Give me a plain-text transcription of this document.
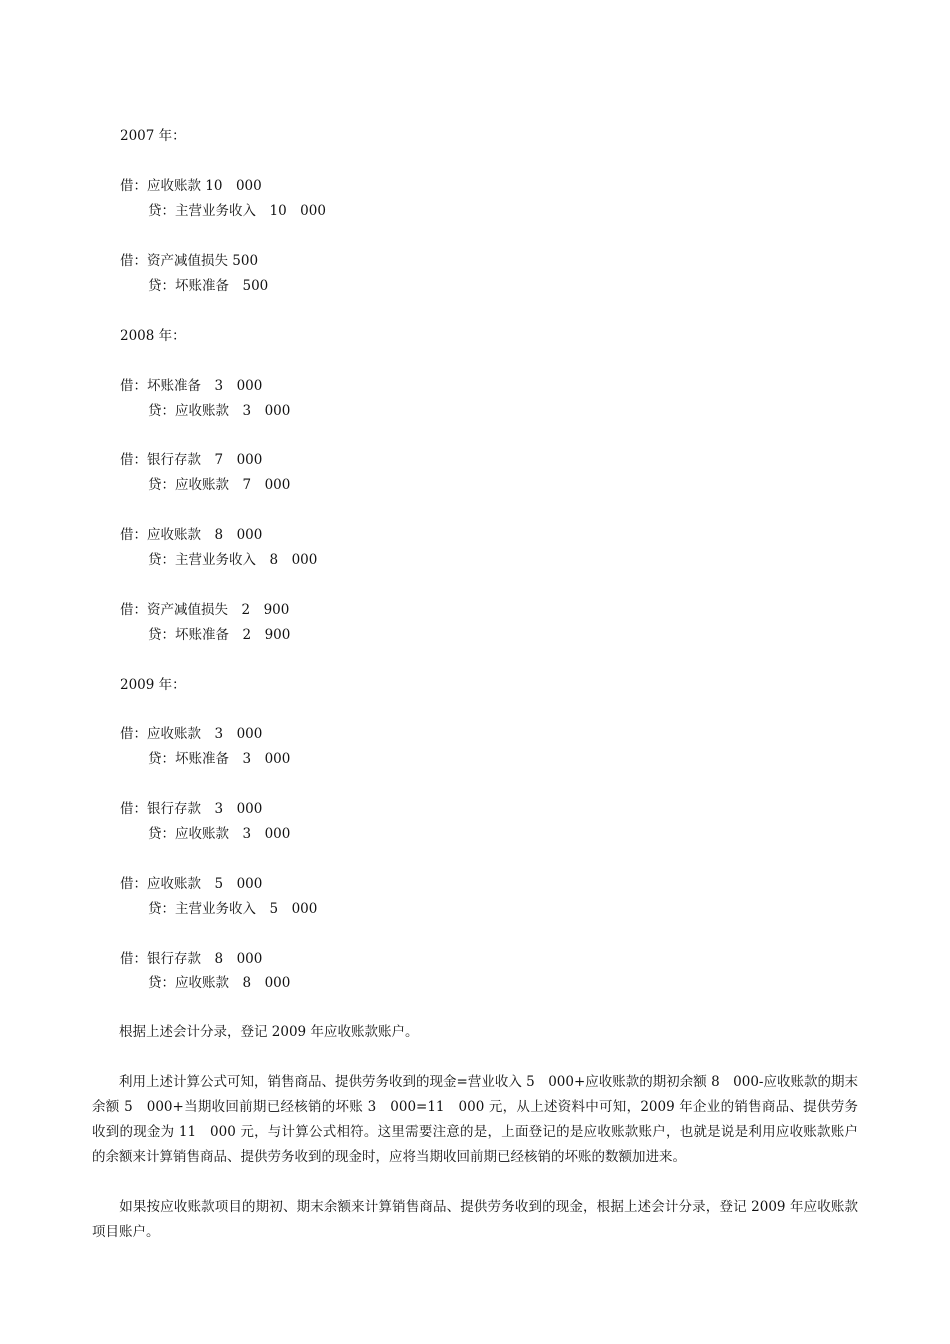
2007 年：
借：应收账款 10　000
贷：主营业务收入　10　000
借：资产减值损失 500
贷：坏账准备　500
2008 年：
借：坏账准备　3　000
贷：应收账款　3　000
借：银行存款　7　000
贷：应收账款　7　000
借：应收账款　8　000
贷：主营业务收入　8　000
借：资产减值损失　2　900
贷：坏账准备　2　900
2009 年：
借：应收账款　3　000
贷：坏账准备　3　000
借：银行存款　3　000
贷：应收账款　3　000
借：应收账款　5　000
贷：主营业务收入　5　000
借：银行存款　8　000
贷：应收账款　8　000
　　根据上述会计分录，登记 2009 年应收账款账户。
　　利用上述计算公式可知，销售商品、提供劳务收到的现金=营业收入 5　000+应收账款的期初余额 8　000-应收账款的期末余额 5　000+当期收回前期已经核销的坏账 3　000=11　000 元，从上述资料中可知，2009 年企业的销售商品、提供劳务收到的现金为 11　000 元，与计算公式相符。这里需要注意的是，上面登记的是应收账款账户，也就是说是利用应收账款账户的余额来计算销售商品、提供劳务收到的现金时，应将当期收回前期已经核销的坏账的数额加进来。
　　如果按应收账款项目的期初、期末余额来计算销售商品、提供劳务收到的现金，根据上述会计分录，登记 2009 年应收账款项目账户。
